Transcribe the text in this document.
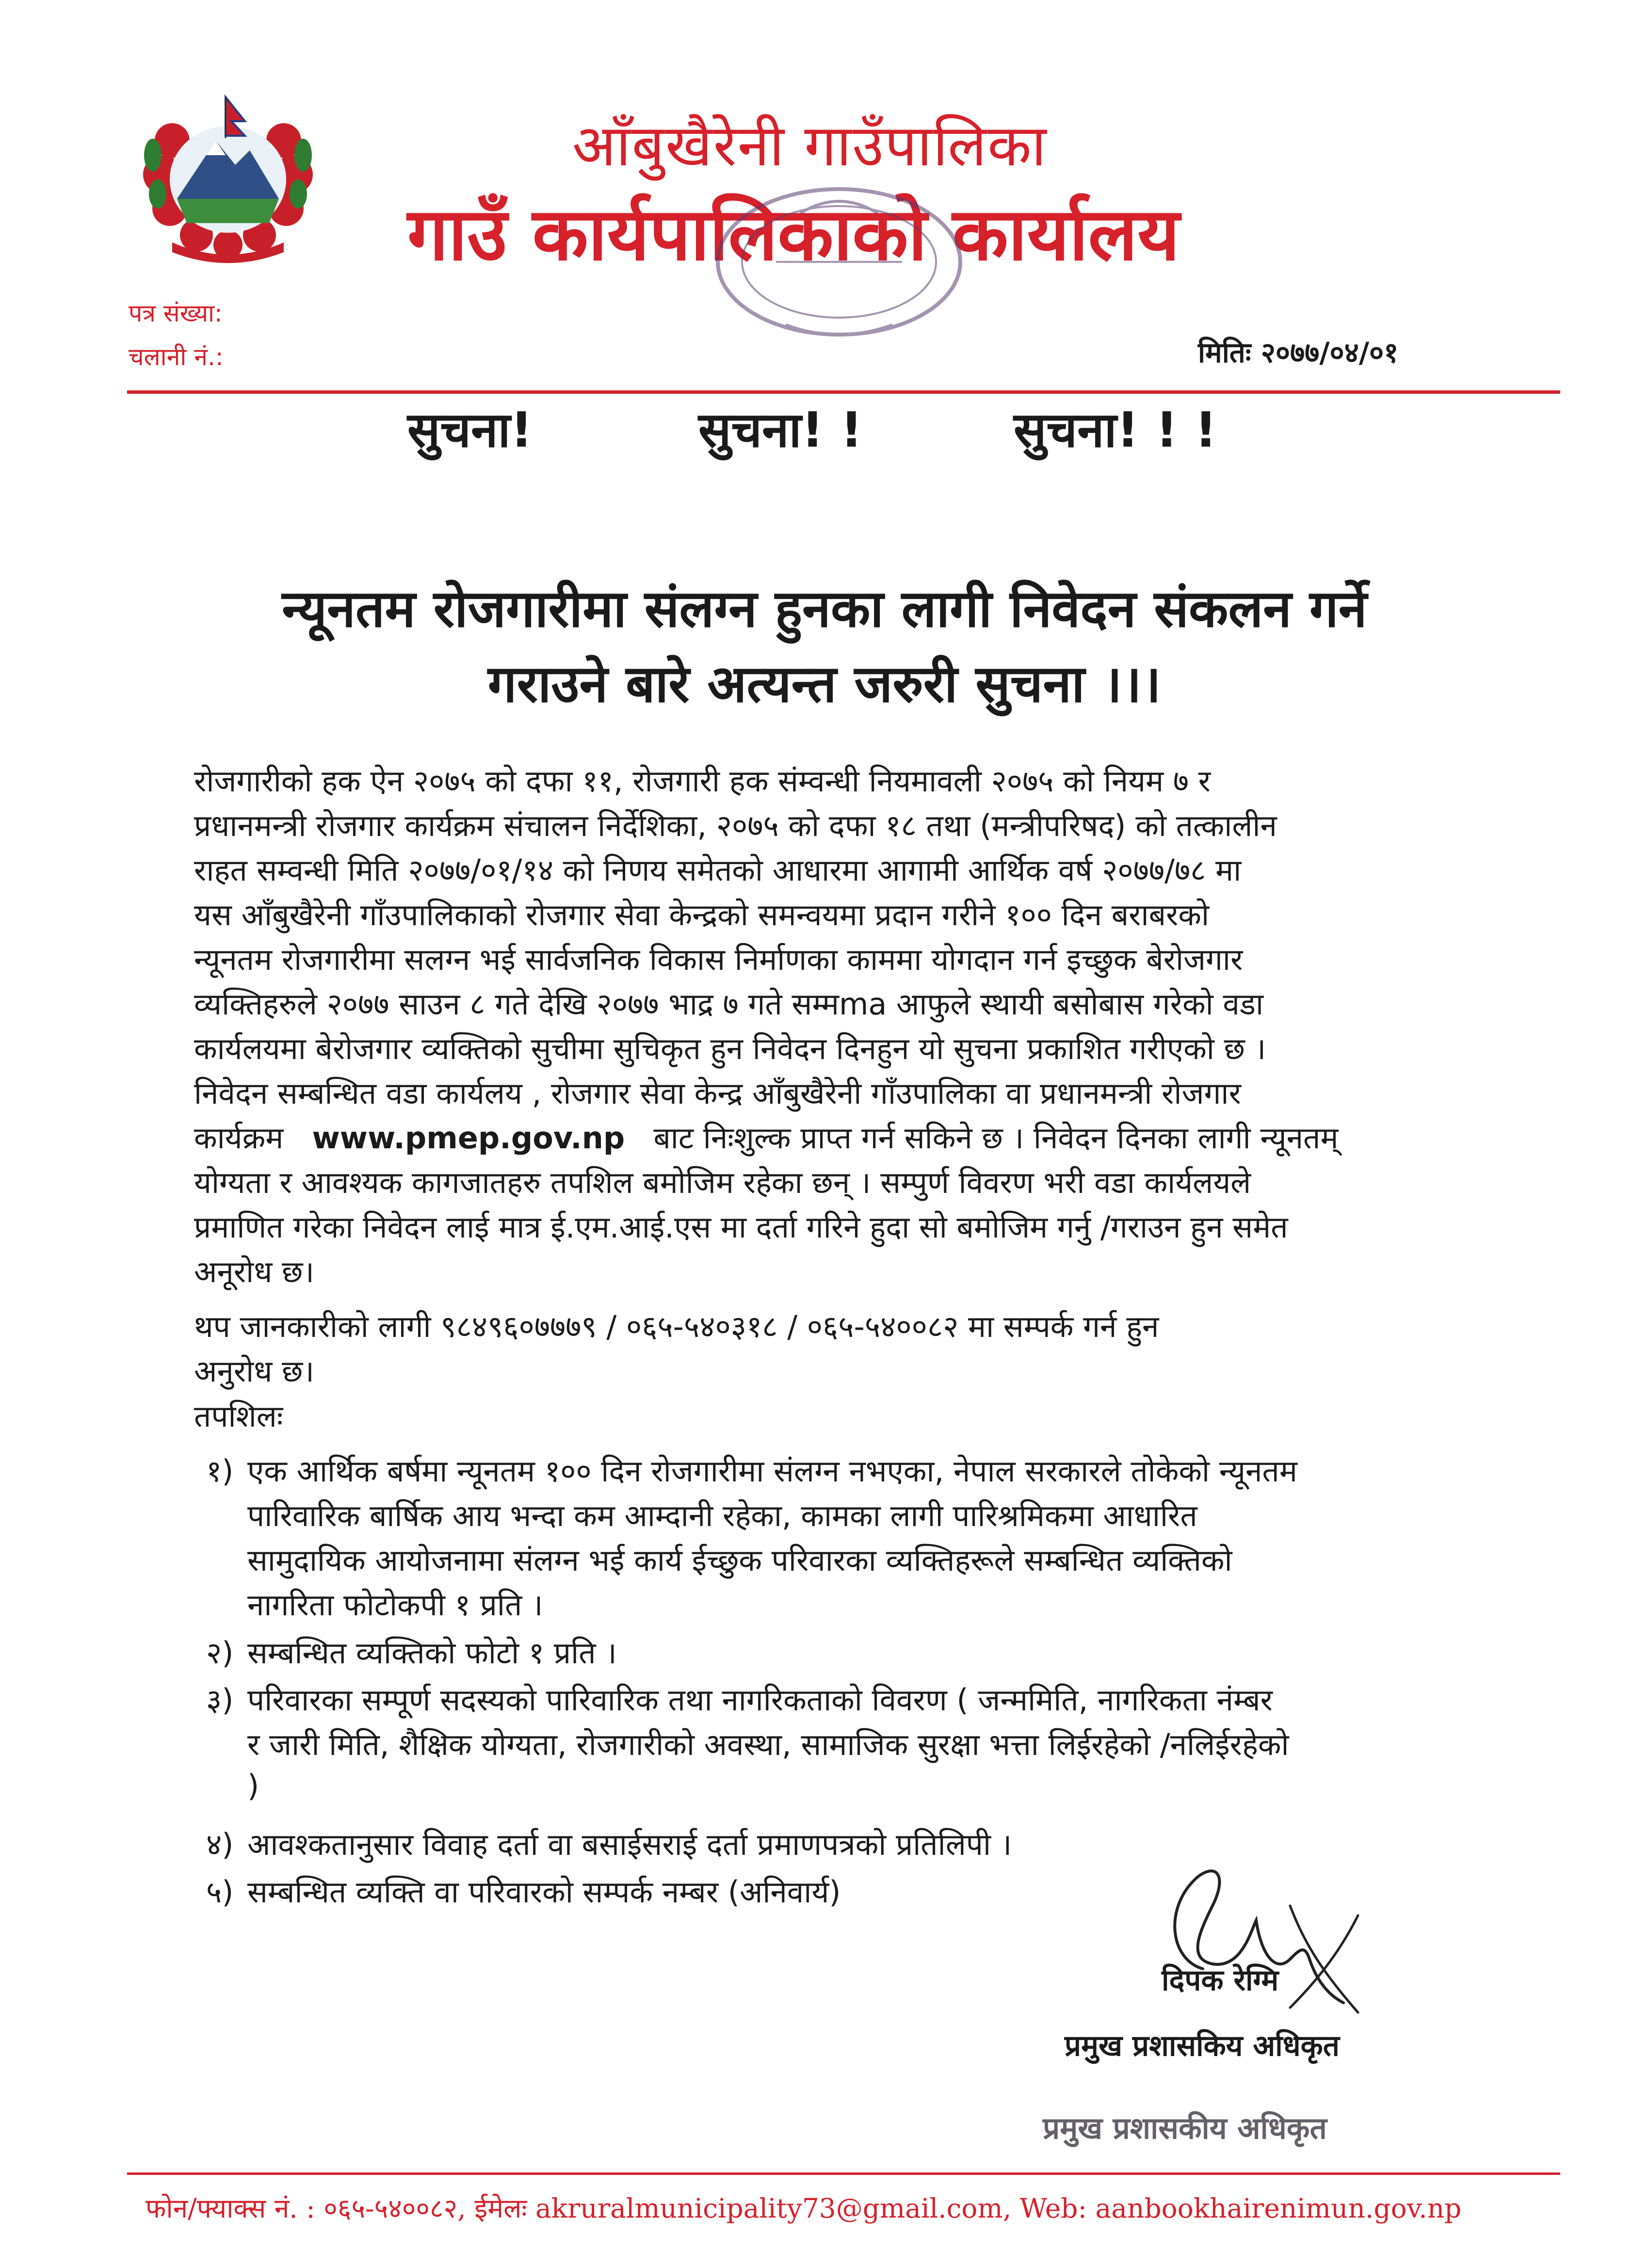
आँबुखैरेनी गाउँपालिका
गाउँ कार्यपालिकाको कार्यालय
पत्र संख्या:
चलानी नं.:	मितिः २०७७/०४/०१
सुचना!	सुचना! !	सुचना! ! !
न्यूनतम रोजगारीमा संलग्न हुनका लागी निवेदन संकलन गर्ने
गराउने बारे अत्यन्त जरुरी सुचना ।।।
रोजगारीको हक ऐन २०७५ को दफा ११, रोजगारी हक संम्वन्धी नियमावली २०७५ को नियम ७ र
प्रधानमन्त्री रोजगार कार्यक्रम संचालन निर्देशिका, २०७५ को दफा १८ तथा (मन्त्रीपरिषद) को तत्कालीन
राहत सम्वन्धी मिति २०७७/०१/१४ को निणय समेतको आधारमा आगामी आर्थिक वर्ष २०७७/७८ मा
यस आँबुखैरेनी गाँउपालिकाको रोजगार सेवा केन्द्रको समन्वयमा प्रदान गरीने १०० दिन बराबरको
न्यूनतम रोजगारीमा सलग्न भई सार्वजनिक विकास निर्माणका काममा योगदान गर्न इच्छुक बेरोजगार
व्यक्तिहरुले २०७७ साउन ८ गते देखि २०७७ भाद्र ७ गते सम्मma आफुले स्थायी बसोबास गरेको वडा
कार्यलयमा बेरोजगार व्यक्तिको सुचीमा सुचिकृत हुन निवेदन दिनहुन यो सुचना प्रकाशित गरीएको छ ।
निवेदन सम्बन्धित वडा कार्यलय , रोजगार सेवा केन्द्र आँबुखैरेनी गाँउपालिका वा प्रधानमन्त्री रोजगार
कार्यक्रम www.pmep.gov.np बाट निःशुल्क प्राप्त गर्न सकिने छ । निवेदन दिनका लागी न्यूनतम्
योग्यता र आवश्यक कागजातहरु तपशिल बमोजिम रहेका छन् । सम्पुर्ण विवरण भरी वडा कार्यलयले
प्रमाणित गरेका निवेदन लाई मात्र ई.एम.आई.एस मा दर्ता गरिने हुदा सो बमोजिम गर्नु /गराउन हुन समेत
अनूरोध छ।
थप जानकारीको लागी ९८४९६०७७७९ / ०६५-५४०३१८ / ०६५-५४००८२ मा सम्पर्क गर्न हुन
अनुरोध छ।
तपशिलः
१) एक आर्थिक बर्षमा न्यूनतम १०० दिन रोजगारीमा संलग्न नभएका, नेपाल सरकारले तोकेको न्यूनतम
पारिवारिक बार्षिक आय भन्दा कम आम्दानी रहेका, कामका लागी पारिश्रमिकमा आधारित
सामुदायिक आयोजनामा संलग्न भई कार्य ईच्छुक परिवारका व्यक्तिहरूले सम्बन्धित व्यक्तिको
नागरिता फोटोकपी १ प्रति ।
२) सम्बन्धित व्यक्तिको फोटो १ प्रति ।
३) परिवारका सम्पूर्ण सदस्यको पारिवारिक तथा नागरिकताको विवरण ( जन्ममिति, नागरिकता नंम्बर
र जारी मिति, शैक्षिक योग्यता, रोजगारीको अवस्था, सामाजिक सुरक्षा भत्ता लिईरहेको /नलिईरहेको
)
४) आवश्कतानुसार विवाह दर्ता वा बसाईसराई दर्ता प्रमाणपत्रको प्रतिलिपी ।
५) सम्बन्धित व्यक्ति वा परिवारको सम्पर्क नम्बर (अनिवार्य)
दिपक रेग्मि
प्रमुख प्रशासकिय अधिकृत
प्रमुख प्रशासकीय अधिकृत
फोन/फ्याक्स नं. : ०६५-५४००८२, ईमेलः akruralmunicipality73@gmail.com, Web: aanbookhairenimun.gov.np
